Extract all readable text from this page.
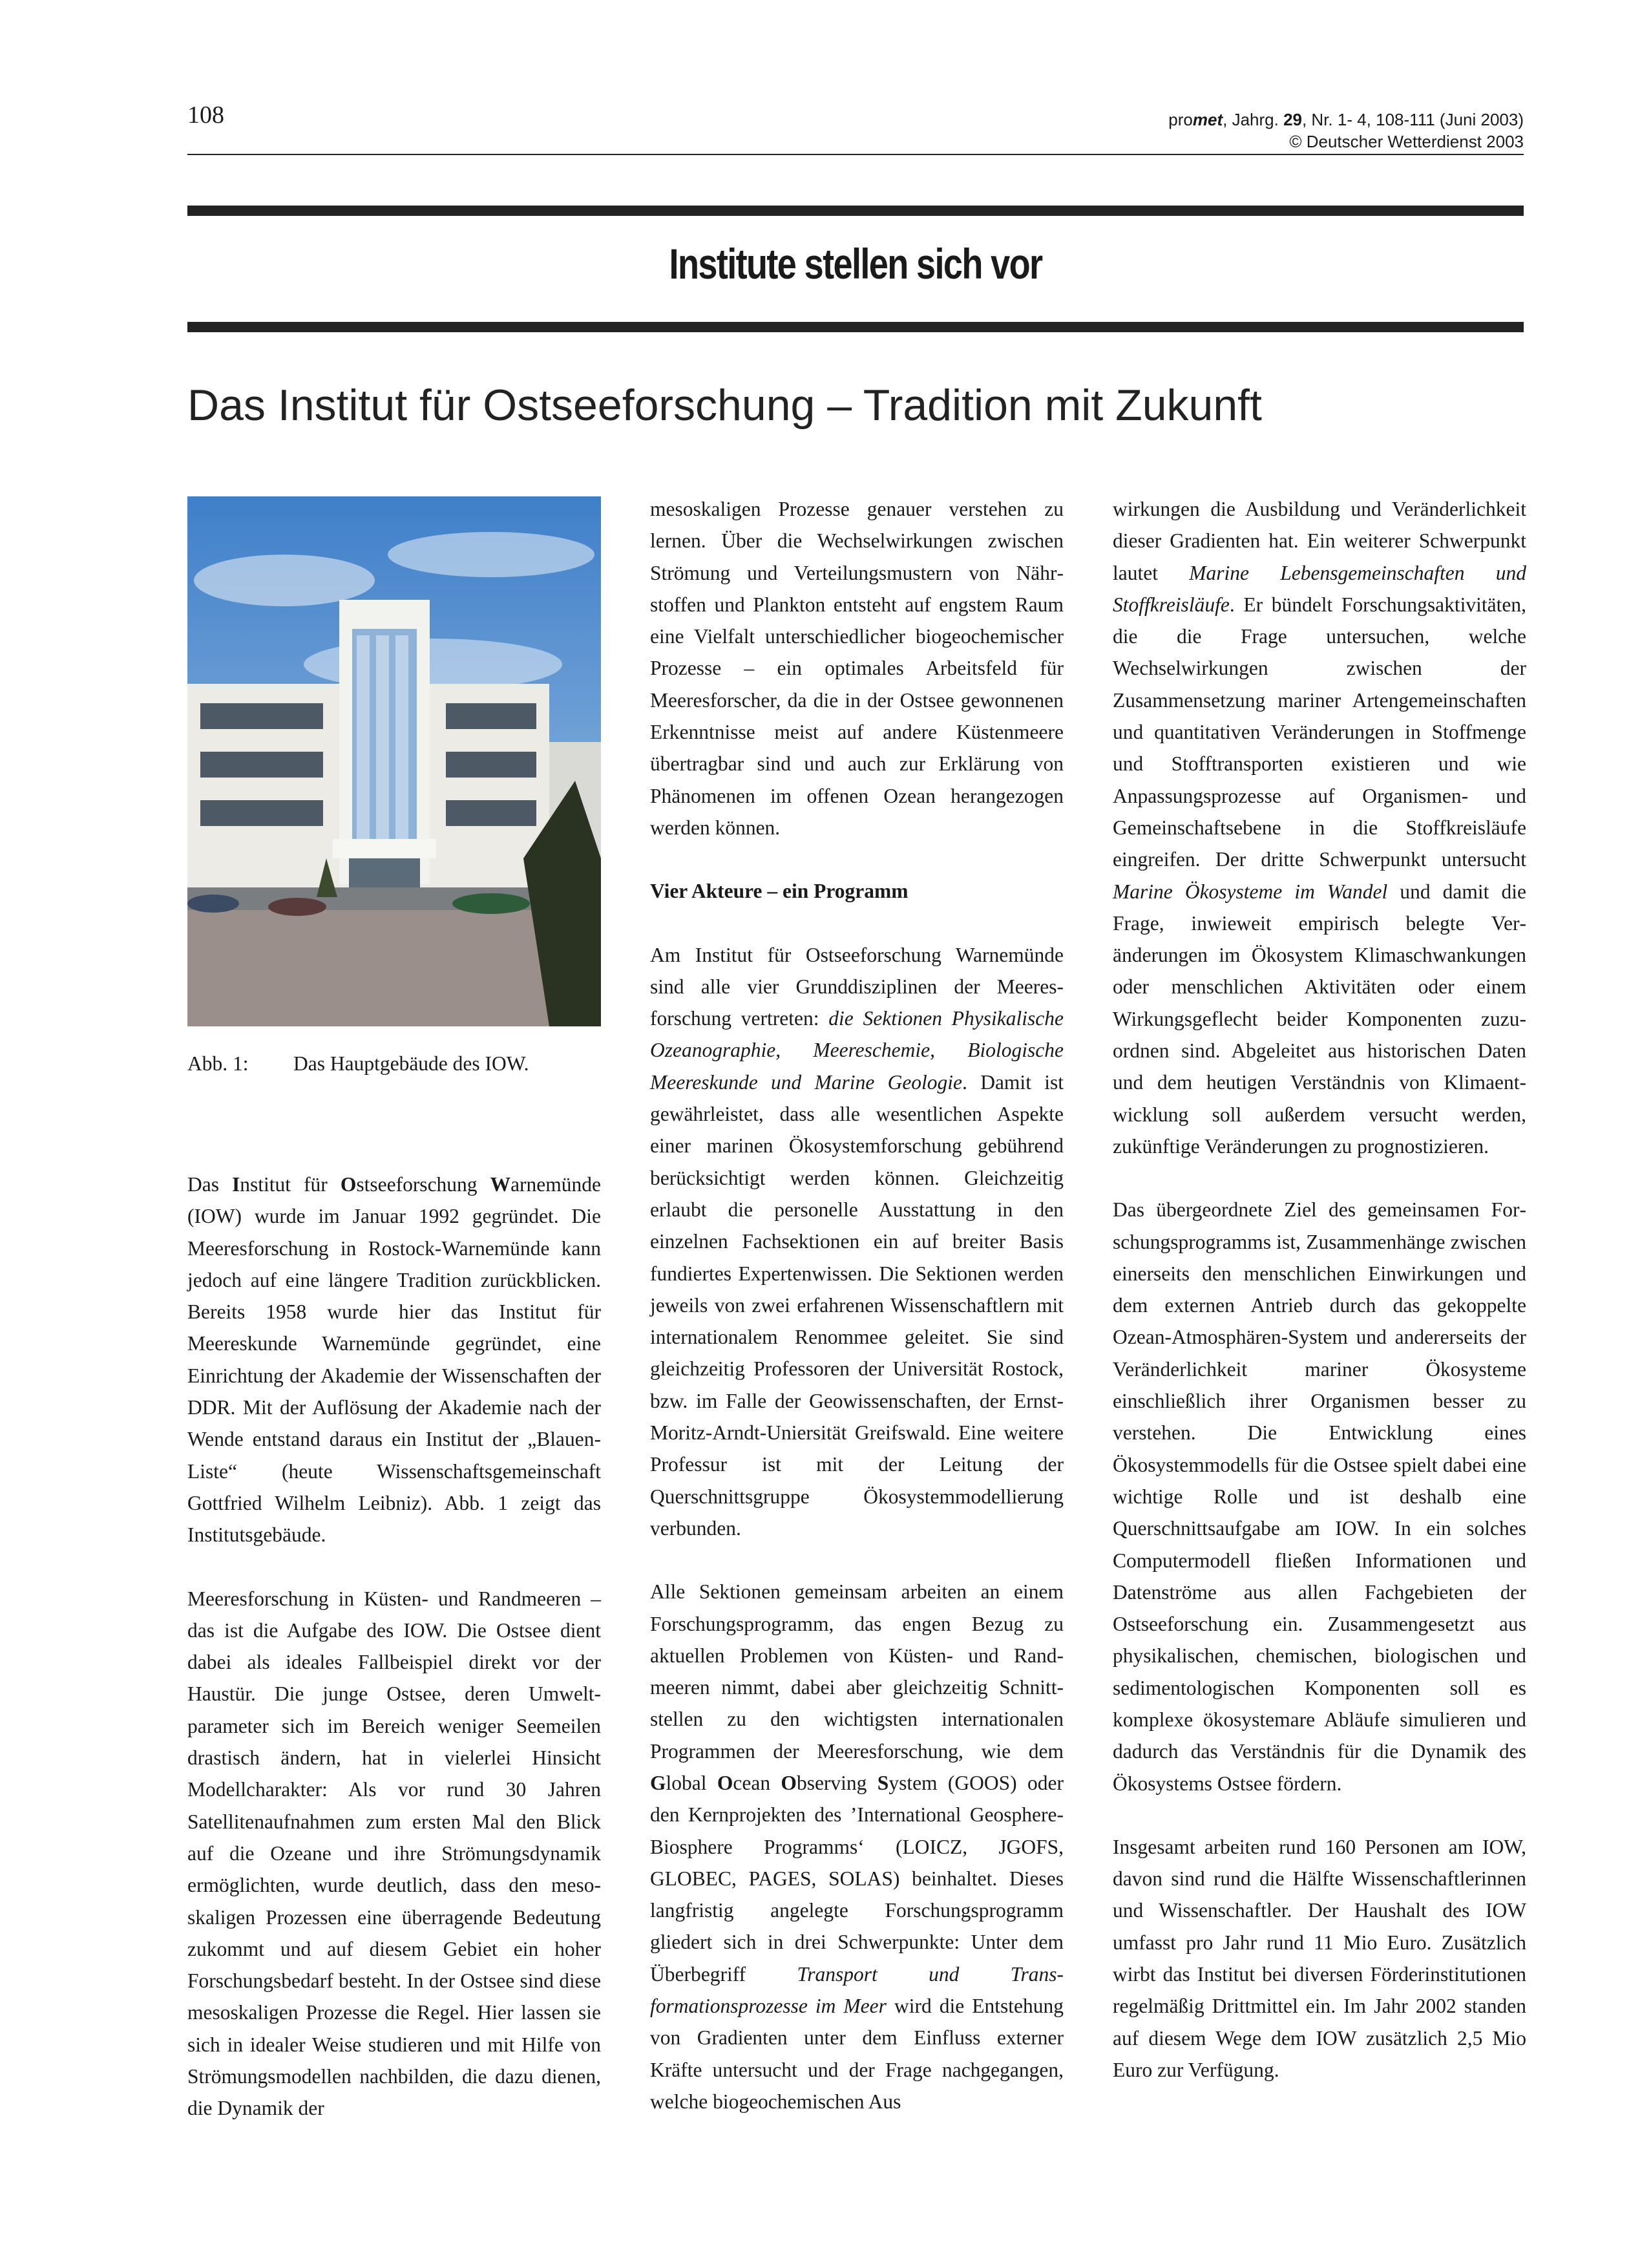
108	promet, Jahrg. 29, Nr. 1- 4, 108-111 (Juni 2003)
© Deutscher Wetterdienst 2003
Institute stellen sich vor
Das Institut für Ostseeforschung – Tradition mit Zukunft
Abb. 1: Das Hauptgebäude des IOW.

Das Institut für Ostseeforschung Warnemünde (IOW) wurde im Januar 1992 gegründet. Die Meeresforschung in Rostock-Warnemünde kann jedoch auf eine längere Tradition zurückblicken. Bereits 1958 wurde hier das Institut für Meereskunde Warnemünde gegründet, eine Einrichtung der Akademie der Wissenschaften der DDR. Mit der Auflösung der Akademie nach der Wende entstand daraus ein Institut der „Blauen-Liste“ (heute Wissenschaftsgemeinschaft Gottfried Wilhelm Leibniz). Abb. 1 zeigt das Institutsgebäude.

Meeresforschung in Küsten- und Randmeeren – das ist die Aufgabe des IOW. Die Ostsee dient dabei als ideales Fallbeispiel direkt vor der Haustür. Die junge Ostsee, deren Umweltparameter sich im Bereich weniger Seemeilen drastisch ändern, hat in vielerlei Hinsicht Modellcharakter: Als vor rund 30 Jahren Satellitenaufnahmen zum ersten Mal den Blick auf die Ozeane und ihre Strömungsdynamik ermöglichten, wurde deutlich, dass den mesoskaligen Prozessen eine überragende Bedeutung zukommt und auf diesem Gebiet ein hoher Forschungsbedarf besteht. In der Ostsee sind diese mesoskaligen Prozesse die Regel. Hier lassen sie sich in idealer Weise studieren und mit Hilfe von Strömungsmodellen nachbilden, die dazu dienen, die Dynamik der

mesoskaligen Prozesse genauer verstehen zu lernen. Über die Wechselwirkungen zwischen Strömung und Verteilungsmustern von Nährstoffen und Plankton entsteht auf engstem Raum eine Vielfalt unterschiedlicher biogeochemischer Prozesse – ein optimales Arbeitsfeld für Meeresforscher, da die in der Ostsee gewonnenen Erkenntnisse meist auf andere Küstenmeere übertragbar sind und auch zur Erklärung von Phänomenen im offenen Ozean herangezogen werden können.

Vier Akteure – ein Programm

Am Institut für Ostseeforschung Warnemünde sind alle vier Grunddisziplinen der Meeresforschung vertreten: die Sektionen Physikalische Ozeanographie, Meereschemie, Biologische Meereskunde und Marine Geologie. Damit ist gewährleistet, dass alle wesentlichen Aspekte einer marinen Ökosystemforschung gebührend berücksichtigt werden können. Gleichzeitig erlaubt die personelle Ausstattung in den einzelnen Fachsektionen ein auf breiter Basis fundiertes Expertenwissen. Die Sektionen werden jeweils von zwei erfahrenen Wissenschaftlern mit internationalem Renommee geleitet. Sie sind gleichzeitig Professoren der Universität Rostock, bzw. im Falle der Geowissenschaften, der Ernst-Moritz-Arndt-Uniersität Greifswald. Eine weitere Professur ist mit der Leitung der Querschnittsgruppe Ökosystemmodellierung verbunden.

Alle Sektionen gemeinsam arbeiten an einem Forschungsprogramm, das engen Bezug zu aktuellen Problemen von Küsten- und Randmeeren nimmt, dabei aber gleichzeitig Schnittstellen zu den wichtigsten internationalen Programmen der Meeresforschung, wie dem Global Ocean Observing System (GOOS) oder den Kernprojekten des ’International Geosphere-Biosphere Programms‘ (LOICZ, JGOFS, GLOBEC, PAGES, SOLAS) beinhaltet. Dieses langfristig angelegte Forschungsprogramm gliedert sich in drei Schwerpunkte: Unter dem Überbegriff Transport und Transformationsprozesse im Meer wird die Entstehung von Gradienten unter dem Einfluss externer Kräfte untersucht und der Frage nachgegangen, welche biogeochemischen Aus

wirkungen die Ausbildung und Veränderlichkeit dieser Gradienten hat. Ein weiterer Schwerpunkt lautet Marine Lebensgemeinschaften und Stoffkreisläufe. Er bündelt Forschungsaktivitäten, die die Frage untersuchen, welche Wechselwirkungen zwischen der Zusammensetzung mariner Artengemeinschaften und quantitativen Veränderungen in Stoffmenge und Stofftransporten existieren und wie Anpassungsprozesse auf Organismen- und Gemeinschaftsebene in die Stoffkreisläufe eingreifen. Der dritte Schwerpunkt untersucht Marine Ökosysteme im Wandel und damit die Frage, inwieweit empirisch belegte Veränderungen im Ökosystem Klimaschwankungen oder menschlichen Aktivitäten oder einem Wirkungsgeflecht beider Komponenten zuzuordnen sind. Abgeleitet aus historischen Daten und dem heutigen Verständnis von Klimaentwicklung soll außerdem versucht werden, zukünftige Veränderungen zu prognostizieren.

Das übergeordnete Ziel des gemeinsamen Forschungsprogramms ist, Zusammenhänge zwischen einerseits den menschlichen Einwirkungen und dem externen Antrieb durch das gekoppelte Ozean-Atmosphären-System und andererseits der Veränderlichkeit mariner Ökosysteme einschließlich ihrer Organismen besser zu verstehen. Die Entwicklung eines Ökosystemmodells für die Ostsee spielt dabei eine wichtige Rolle und ist deshalb eine Querschnittsaufgabe am IOW. In ein solches Computermodell fließen Informationen und Datenströme aus allen Fachgebieten der Ostseeforschung ein. Zusammengesetzt aus physikalischen, chemischen, biologischen und sedimentologischen Komponenten soll es komplexe ökosystemare Abläufe simulieren und dadurch das Verständnis für die Dynamik des Ökosystems Ostsee fördern.

Insgesamt arbeiten rund 160 Personen am IOW, davon sind rund die Hälfte Wissenschaftlerinnen und Wissenschaftler. Der Haushalt des IOW umfasst pro Jahr rund 11 Mio Euro. Zusätzlich wirbt das Institut bei diversen Förderinstitutionen regelmäßig Drittmittel ein. Im Jahr 2002 standen auf diesem Wege dem IOW zusätzlich 2,5 Mio Euro zur Verfügung.
